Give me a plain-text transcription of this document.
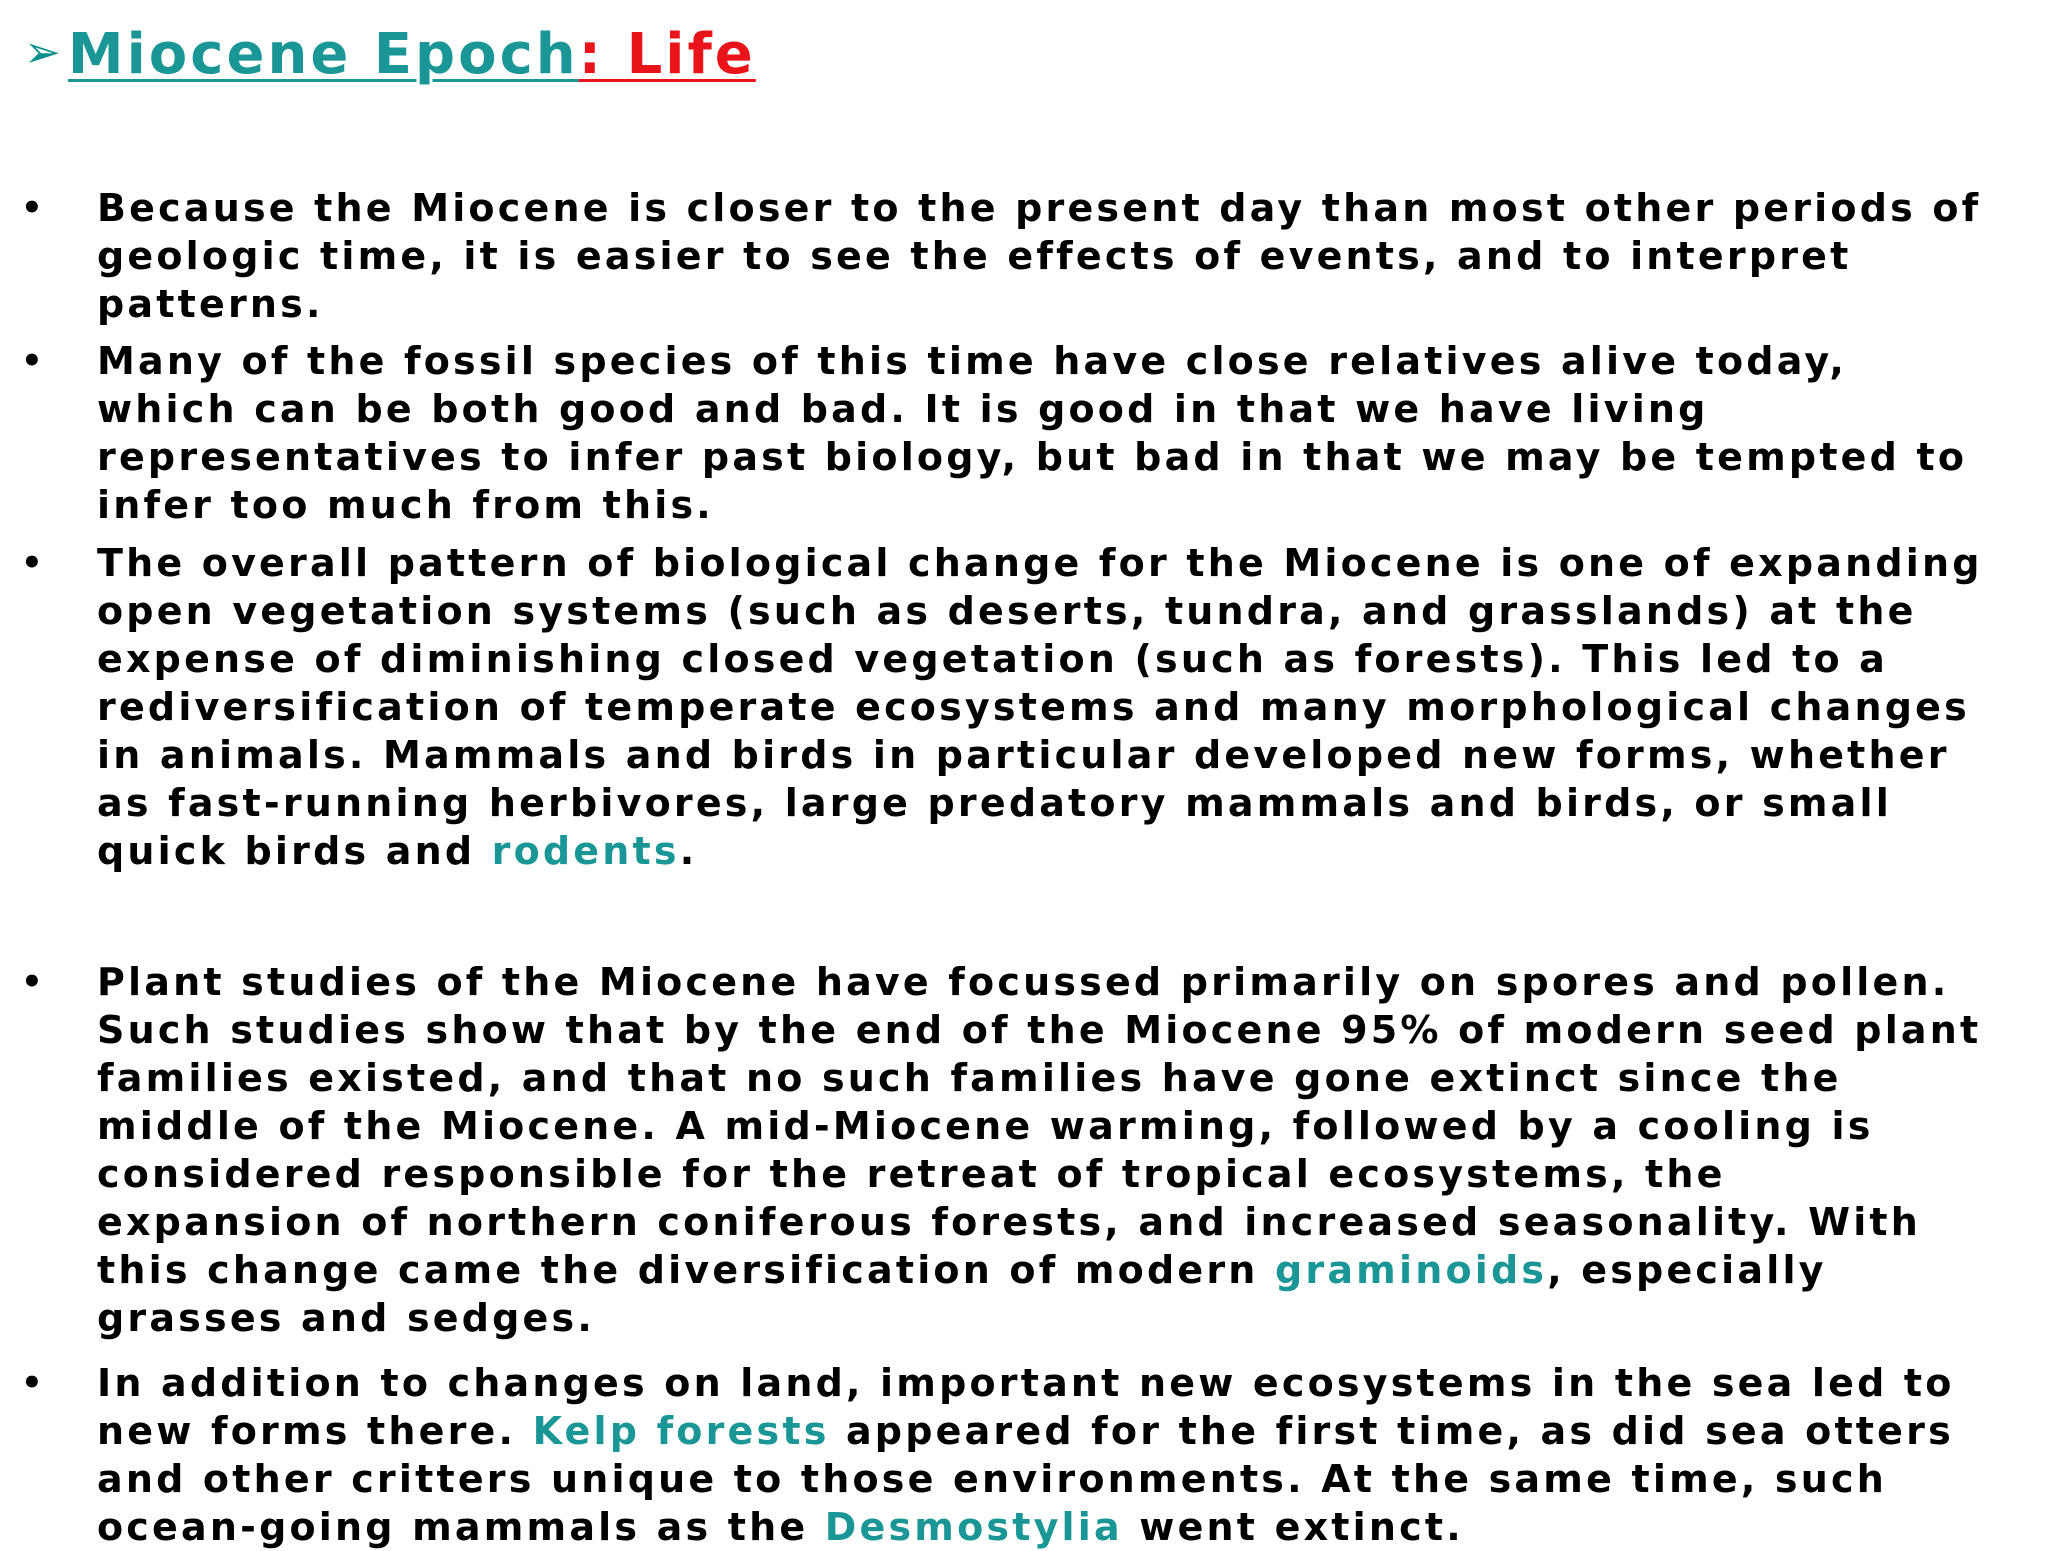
➢Miocene Epoch: Life
• Because the Miocene is closer to the present day than most other periods of
geologic time, it is easier to see the effects of events, and to interpret
patterns.
• Many of the fossil species of this time have close relatives alive today,
which can be both good and bad. It is good in that we have living
representatives to infer past biology, but bad in that we may be tempted to
infer too much from this.
• The overall pattern of biological change for the Miocene is one of expanding
open vegetation systems (such as deserts, tundra, and grasslands) at the
expense of diminishing closed vegetation (such as forests). This led to a
rediversification of temperate ecosystems and many morphological changes
in animals. Mammals and birds in particular developed new forms, whether
as fast-running herbivores, large predatory mammals and birds, or small
quick birds and rodents.
• Plant studies of the Miocene have focussed primarily on spores and pollen.
Such studies show that by the end of the Miocene 95% of modern seed plant
families existed, and that no such families have gone extinct since the
middle of the Miocene. A mid-Miocene warming, followed by a cooling is
considered responsible for the retreat of tropical ecosystems, the
expansion of northern coniferous forests, and increased seasonality. With
this change came the diversification of modern graminoids, especially
grasses and sedges.
• In addition to changes on land, important new ecosystems in the sea led to
new forms there. Kelp forests appeared for the first time, as did sea otters
and other critters unique to those environments. At the same time, such
ocean-going mammals as the Desmostylia went extinct.
